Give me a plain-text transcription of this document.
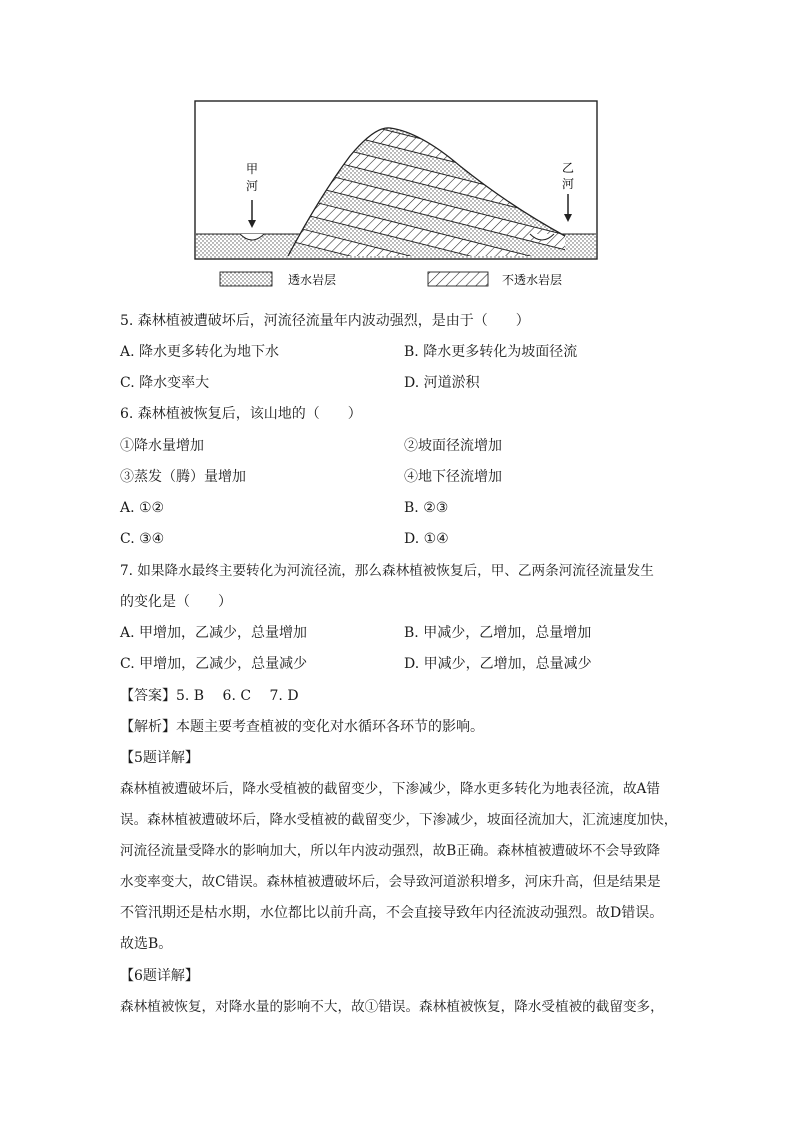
甲
河
乙
河
透水岩层	不透水岩层
5. 森林植被遭破坏后，河流径流量年内波动强烈，是由于（　　）
A. 降水更多转化为地下水	B. 降水更多转化为坡面径流
C. 降水变率大	D. 河道淤积
6. 森林植被恢复后，该山地的（　　）
①降水量增加	②坡面径流增加
③蒸发（腾）量增加	④地下径流增加
A. ①②	B. ②③
C. ③④	D. ①④
7. 如果降水最终主要转化为河流径流，那么森林植被恢复后，甲、乙两条河流径流量发生
的变化是（　　）
A. 甲增加，乙减少，总量增加	B. 甲减少，乙增加，总量增加
C. 甲增加，乙减少，总量减少	D. 甲减少，乙增加，总量减少
【答案】5. B　 6. C　 7. D
【解析】本题主要考查植被的变化对水循环各环节的影响。
【5题详解】
森林植被遭破坏后，降水受植被的截留变少，下渗减少，降水更多转化为地表径流，故A错
误。森林植被遭破坏后，降水受植被的截留变少，下渗减少，坡面径流加大，汇流速度加快，
河流径流量受降水的影响加大，所以年内波动强烈，故B正确。森林植被遭破坏不会导致降
水变率变大，故C错误。森林植被遭破坏后，会导致河道淤积增多，河床升高，但是结果是
不管汛期还是枯水期，水位都比以前升高，不会直接导致年内径流波动强烈。故D错误。
故选B。
【6题详解】
森林植被恢复，对降水量的影响不大，故①错误。森林植被恢复，降水受植被的截留变多，
